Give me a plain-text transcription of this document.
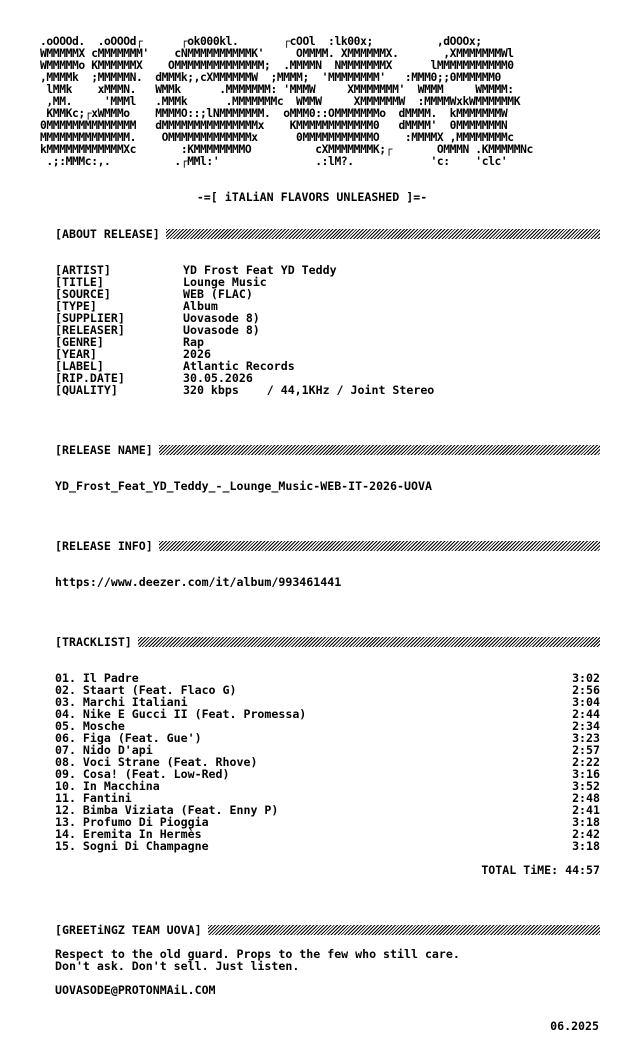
.oOOOd.  .oOOOd┌      ┌ok000kl.       ┌cOOl  :lk00x;          ,dOOOx;
WMMMMMX cMMMMMMM'    cNMMMMMMMMMMK'     OMMMM. XMMMMMMX.       ,XMMMMMMMWl
WMMMMMo KMMMMMMX    OMMMMMMMMMMMMMM;  .MMMMN  NMMMMMMMX      lMMMMMMMMMMM0
,MMMMk  ;MMMMMN.  dMMMk;,cXMMMMMMW  ;MMMM;  'MMMMMMMM'   :MMM0;;0MMMMMM0
lMMk    xMMMN.   WMMk      .MMMMMMM: 'MMMW     XMMMMMMM'  WMMM     WMMMM:
,MM.     'MMMl   .MMMk      .MMMMMMMc  WMMW     XMMMMMMW  :MMMMWxkWMMMMMMK
KMMKc;┌xWMMMo    MMMMO::;lNMMMMMMM.  oMMM0::OMMMMMMMo  dMMMM.  kMMMMMMMW
0MMMMMMMMMMMMMM   dMMMMMMMMMMMMMMMx    KMMMMMMMMMMMM0   dMMMM'  0MMMMMMMN
MMMMMMMMMMMMMM.    OMMMMMMMMMMMMMx      0MMMMMMMMMMMO    :MMMMX ,MMMMMMMMc
kMMMMMMMMMMMMXc       :KMMMMMMMMO          cXMMMMMMMK;┌       OMMMN .KMMMMMNc
.;:MMMc:,.          .┌MMl:'               .:lM?.            'c:    'clc'
-=[ iTALiAN FLAVORS UNLEASHED ]=-
[ABOUT RELEASE]
[ARTIST]	YD Frost Feat YD Teddy
[TITLE]	Lounge Music
[SOURCE]	WEB (FLAC)
[TYPE]	Album
[SUPPLIER]	Uovasode 8)
[RELEASER]	Uovasode 8)
[GENRE]	Rap
[YEAR]	2026
[LABEL]	Atlantic Records
[RIP.DATE]	30.05.2026
[QUALITY]	320 kbps    / 44,1KHz / Joint Stereo
[RELEASE NAME]
YD_Frost_Feat_YD_Teddy_-_Lounge_Music-WEB-IT-2026-UOVA
[RELEASE INFO]
https://www.deezer.com/it/album/993461441
[TRACKLIST]
01. Il Padre	3:02
02. Staart (Feat. Flaco G)	2:56
03. Marchi Italiani	3:04
04. Nike E Gucci II (Feat. Promessa)	2:44
05. Mosche	2:34
06. Figa (Feat. Gue')	3:23
07. Nido D'api	2:57
08. Voci Strane (Feat. Rhove)	2:22
09. Cosa! (Feat. Low-Red)	3:16
10. In Macchina	3:52
11. Fantini	2:48
12. Bimba Viziata (Feat. Enny P)	2:41
13. Profumo Di Pioggia	3:18
14. Eremita In Hermès	2:42
15. Sogni Di Champagne	3:18
TOTAL TiME: 44:57
[GREETiNGZ TEAM UOVA]
Respect to the old guard. Props to the few who still care.
Don't ask. Don't sell. Just listen.
UOVASODE@PROTONMAiL.COM
06.2025
